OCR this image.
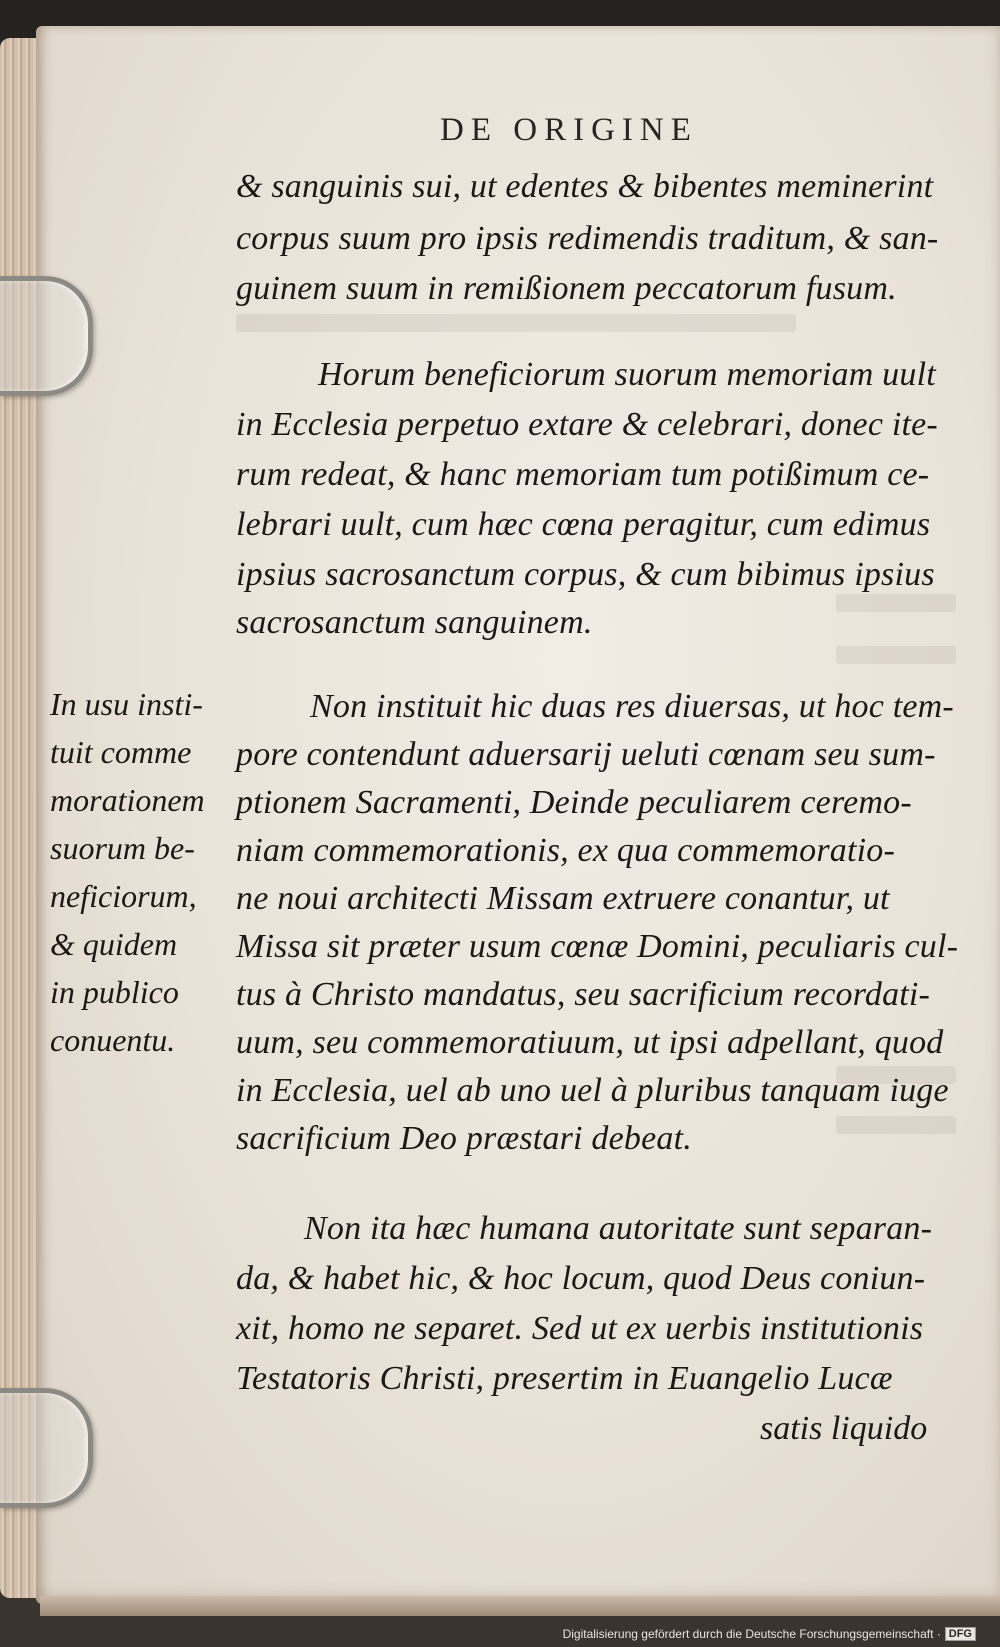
DE ORIGINE
& sanguinis sui, ut edentes & bibentes meminerint
corpus suum pro ipsis redimendis traditum, & san-
guinem suum in remißionem peccatorum fusum.
Horum beneficiorum suorum memoriam uult
in Ecclesia perpetuo extare & celebrari, donec ite-
rum redeat, & hanc memoriam tum potißimum ce-
lebrari uult, cum hæc cœna peragitur, cum edimus
ipsius sacrosanctum corpus, & cum bibimus ipsius
sacrosanctum sanguinem.
Non instituit hic duas res diuersas, ut hoc tem-
pore contendunt aduersarij ueluti cœnam seu sum-
ptionem Sacramenti, Deinde peculiarem ceremo-
niam commemorationis, ex qua commemoratio-
ne noui architecti Missam extruere conantur, ut
Missa sit præter usum cœnæ Domini, peculiaris cul-
tus à Christo mandatus, seu sacrificium recordati-
uum, seu commemoratiuum, ut ipsi adpellant, quod
in Ecclesia, uel ab uno uel à pluribus tanquam iuge
sacrificium Deo præstari debeat.
Non ita hæc humana autoritate sunt separan-
da, & habet hic, & hoc locum, quod Deus coniun-
xit, homo ne separet. Sed ut ex uerbis institutionis
Testatoris Christi, presertim in Euangelio Lucæ
satis liquido
In usu insti-
tuit comme
morationem
suorum be-
neficiorum,
& quidem
in publico
conuentu.
Digitalisierung gefördert durch die Deutsche Forschungsgemeinschaft · DFG
